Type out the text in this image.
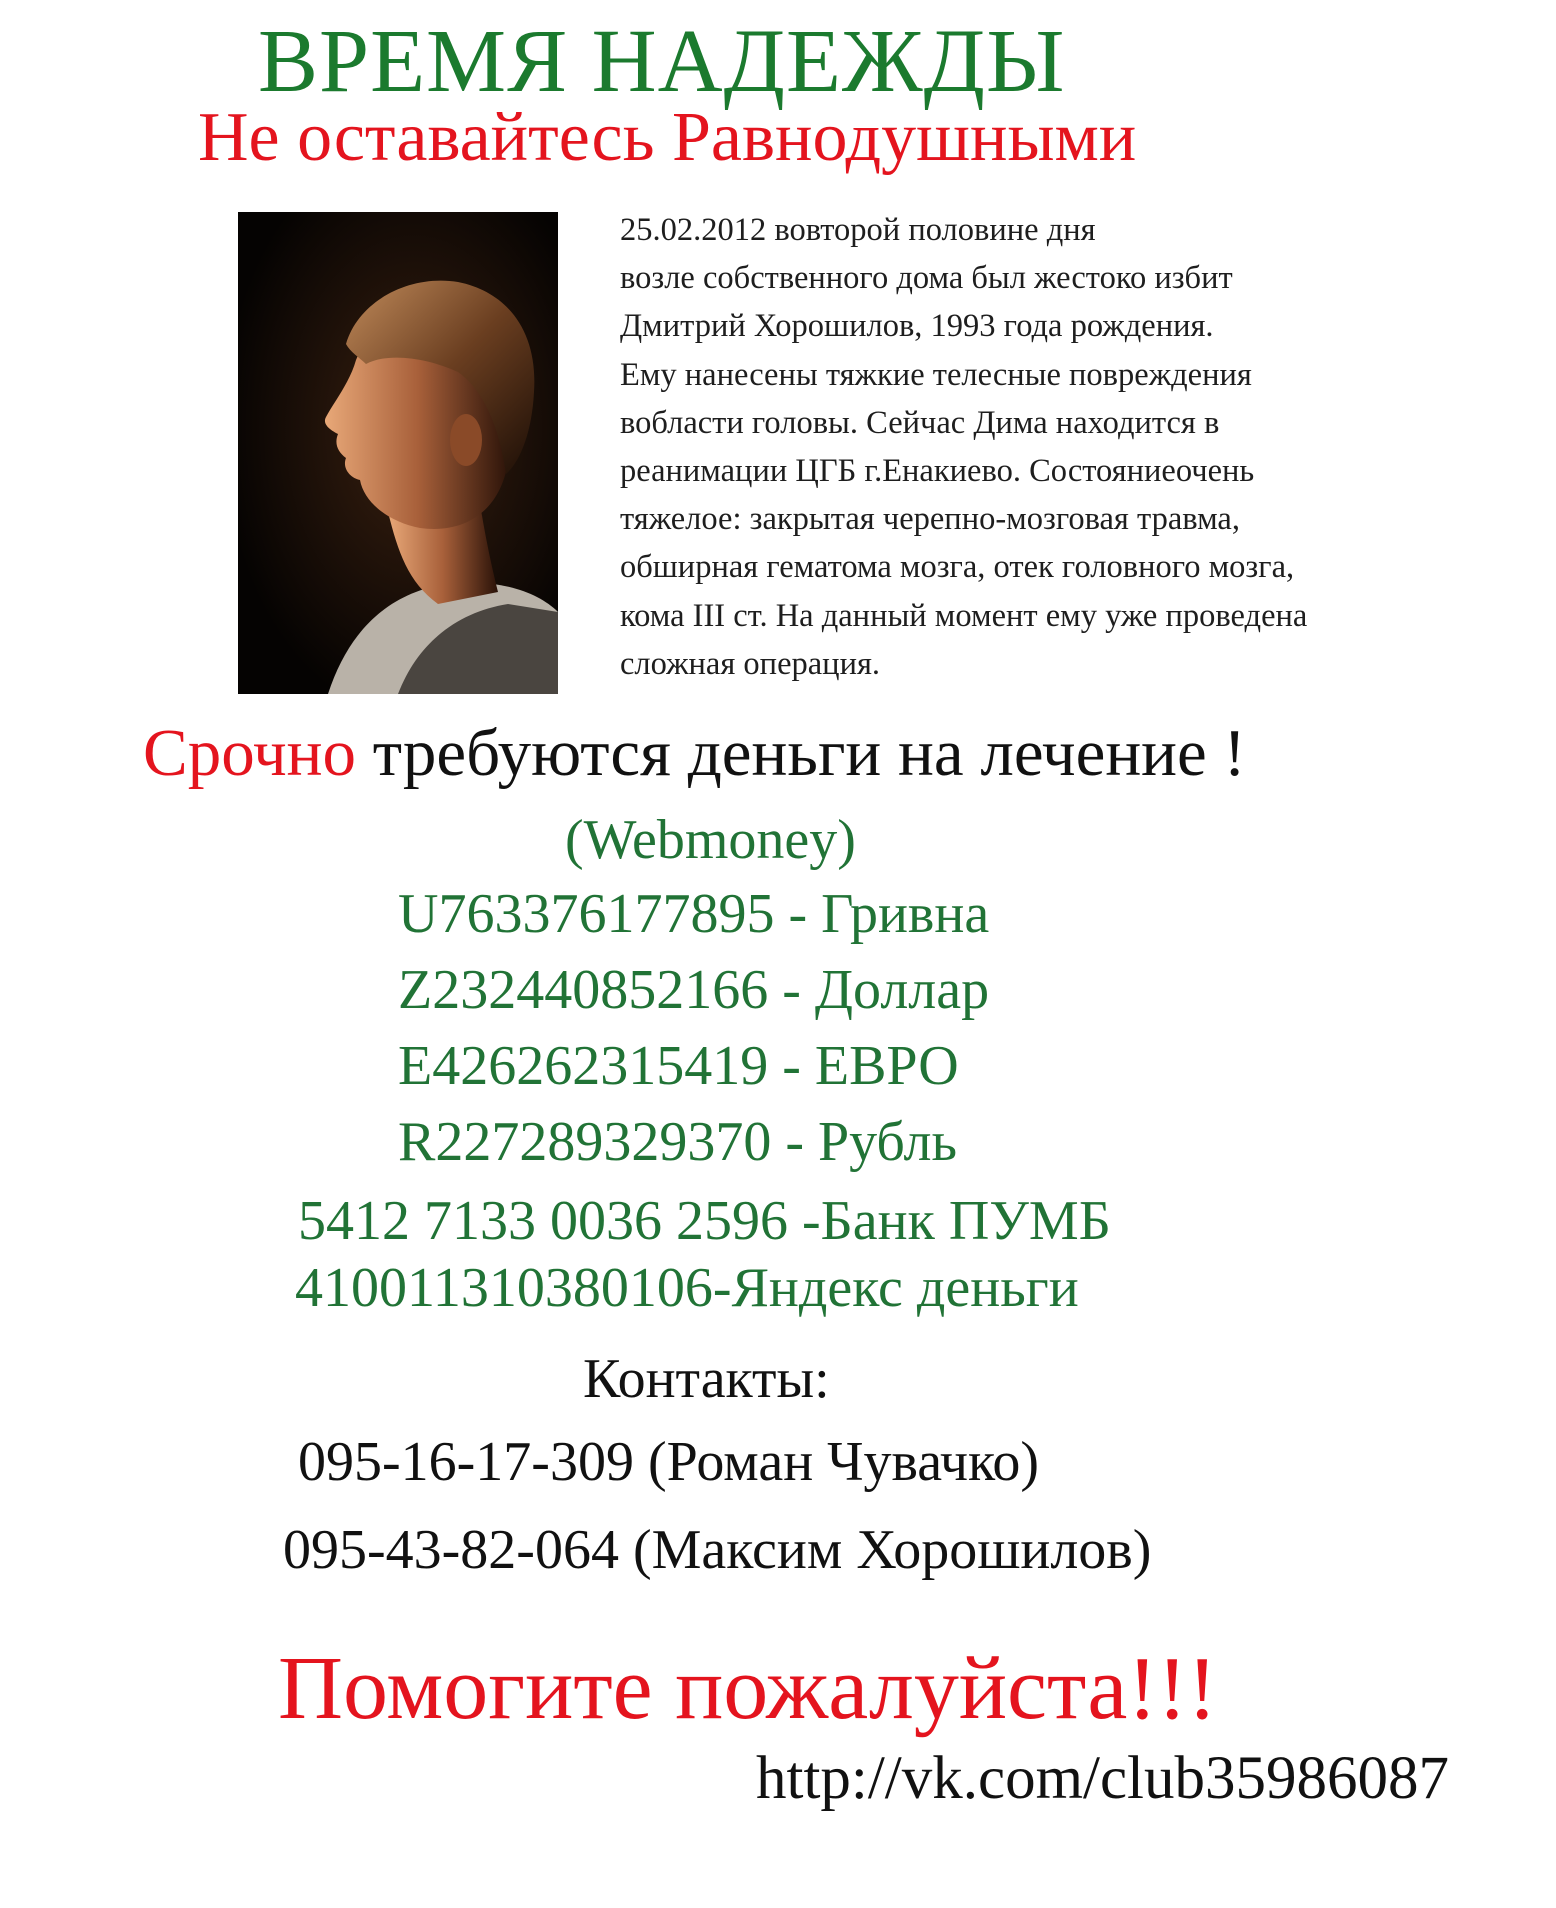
ВРЕМЯ НАДЕЖДЫ
Не оставайтесь Равнодушными
25.02.2012 вовторой половине дня
возле собственного дома был жестоко избит
Дмитрий Хорошилов, 1993 года рождения.
Ему нанесены тяжкие телесные повреждения
вобласти головы. Сейчас Дима находится в
реанимации ЦГБ г.Енакиево. Состояниеочень
тяжелое: закрытая черепно-мозговая травма,
обширная гематома мозга, отек головного мозга,
кома III ст. На данный момент ему уже проведена
сложная операция.
Срочно требуются деньги на лечение !
(Webmoney)
U763376177895 - Гривна
Z232440852166 - Доллар
E426262315419 - ЕВРО
R227289329370 - Рубль
5412 7133 0036 2596 -Банк ПУМБ
410011310380106-Яндекс деньги
Контакты:
095-16-17-309 (Роман Чувачко)
095-43-82-064 (Максим Хорошилов)
Помогите пожалуйста!!!
http://vk.com/club35986087
